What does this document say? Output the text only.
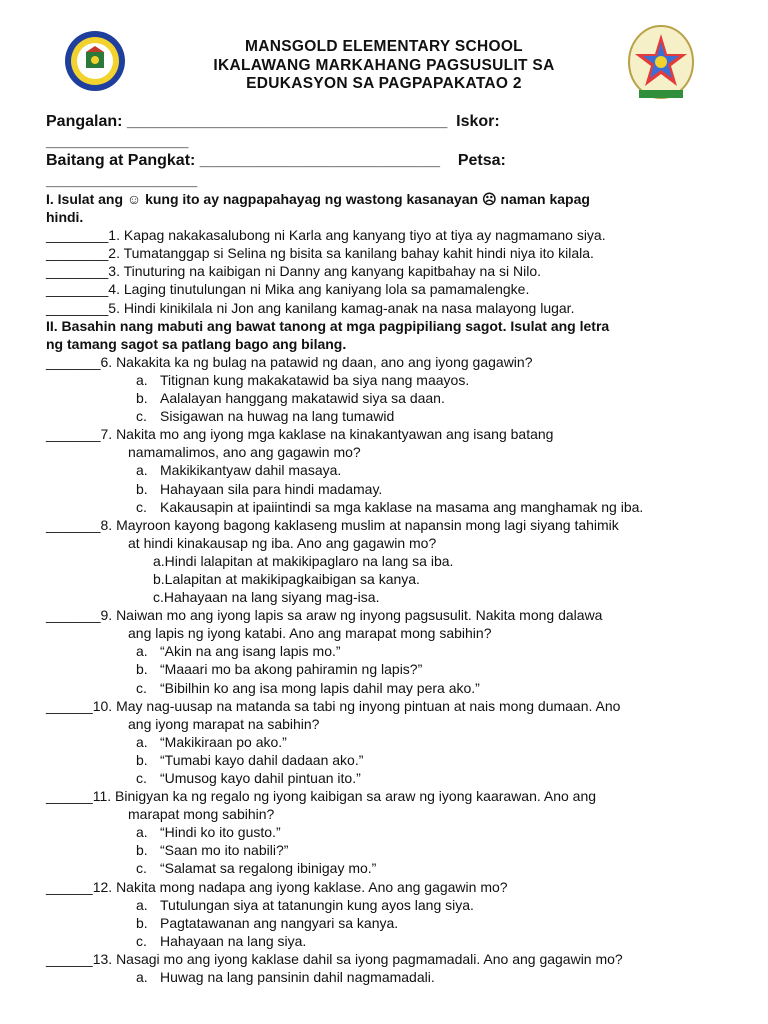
MANSGOLD ELEMENTARY SCHOOL
IKALAWANG MARKAHANG PAGSUSULIT SA
EDUKASYON SA PAGPAPAKATAO 2
Pangalan: ____________________________________  Iskor:
________________
Baitang at Pangkat: ___________________________    Petsa:
_________________
I. Isulat ang ☺ kung ito ay nagpapahayag ng wastong kasanayan ☹ naman kapag
hindi.
________1. Kapag nakakasalubong ni Karla ang kanyang tiyo at tiya ay nagmamano siya.
________2. Tumatanggap si Selina ng bisita sa kanilang bahay kahit hindi niya ito kilala.
________3. Tinuturing na kaibigan ni Danny ang kanyang kapitbahay na si Nilo.
________4. Laging tinutulungan ni Mika ang kaniyang lola sa pamamalengke.
________5. Hindi kinikilala ni Jon ang kanilang kamag-anak na nasa malayong lugar.
II. Basahin nang mabuti ang bawat tanong at mga pagpipiliang sagot. Isulat ang letra
ng tamang sagot sa patlang bago ang bilang.
_______6. Nakakita ka ng bulag na patawid ng daan, ano ang iyong gagawin?
a. Titignan kung makakatawid ba siya nang maayos.
b. Aalalayan hanggang makatawid siya sa daan.
c. Sisigawan na huwag na lang tumawid
_______7. Nakita mo ang iyong mga kaklase na kinakantyawan ang isang batang
namamalimos, ano ang gagawin mo?
a. Makikikantyaw dahil masaya.
b. Hahayaan sila para hindi madamay.
c. Kakausapin at ipaiintindi sa mga kaklase na masama ang manghamak ng iba.
_______8. Mayroon kayong bagong kaklaseng muslim at napansin mong lagi siyang tahimik
at hindi kinakausap ng iba. Ano ang gagawin mo?
a.Hindi lalapitan at makikipaglaro na lang sa iba.
b.Lalapitan at makikipagkaibigan sa kanya.
c.Hahayaan na lang siyang mag-isa.
_______9. Naiwan mo ang iyong lapis sa araw ng inyong pagsusulit. Nakita mong dalawa
ang lapis ng iyong katabi. Ano ang marapat mong sabihin?
a. “Akin na ang isang lapis mo.”
b. “Maaari mo ba akong pahiramin ng lapis?”
c. “Bibilhin ko ang isa mong lapis dahil may pera ako.”
______10. May nag-uusap na matanda sa tabi ng inyong pintuan at nais mong dumaan. Ano
ang iyong marapat na sabihin?
a. “Makikiraan po ako.”
b. “Tumabi kayo dahil dadaan ako.”
c. “Umusog kayo dahil pintuan ito.”
______11. Binigyan ka ng regalo ng iyong kaibigan sa araw ng iyong kaarawan. Ano ang
marapat mong sabihin?
a. “Hindi ko ito gusto.”
b. “Saan mo ito nabili?”
c. “Salamat sa regalong ibinigay mo.”
______12. Nakita mong nadapa ang iyong kaklase. Ano ang gagawin mo?
a. Tutulungan siya at tatanungin kung ayos lang siya.
b. Pagtatawanan ang nangyari sa kanya.
c. Hahayaan na lang siya.
______13. Nasagi mo ang iyong kaklase dahil sa iyong pagmamadali. Ano ang gagawin mo?
a. Huwag na lang pansinin dahil nagmamadali.
